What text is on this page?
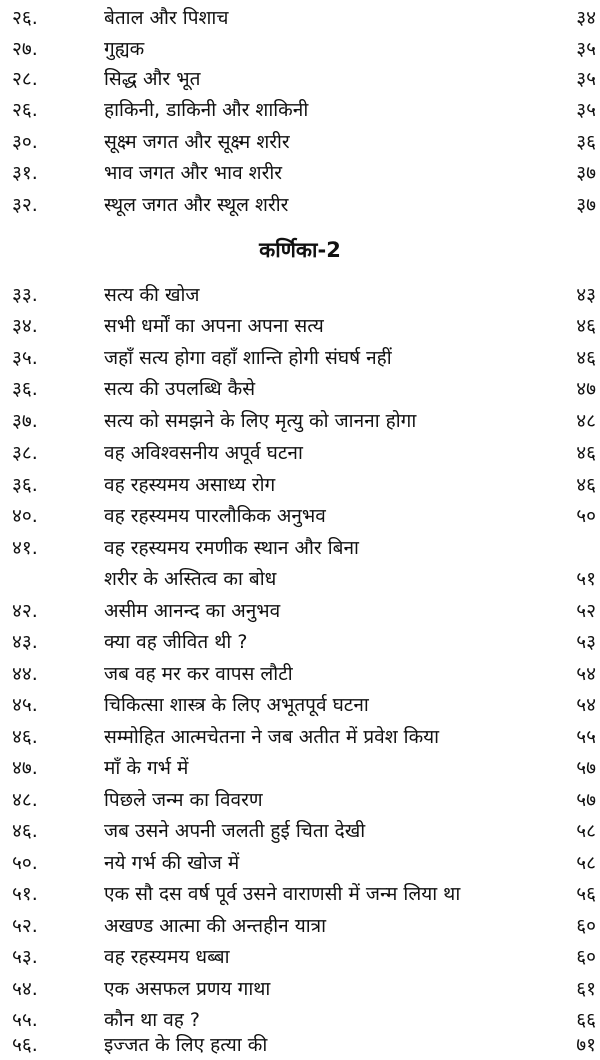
२६.	बेताल और पिशाच	३४
२७.	गुह्यक	३५
२८.	सिद्ध और भूत	३५
२६.	हाकिनी, डाकिनी और शाकिनी	३५
३०.	सूक्ष्म जगत और सूक्ष्म शरीर	३६
३१.	भाव जगत और भाव शरीर	३७
३२.	स्थूल जगत और स्थूल शरीर	३७
कर्णिका-2
३३.	सत्य की खोज	४३
३४.	सभी धर्मों का अपना अपना सत्य	४६
३५.	जहाँ सत्य होगा वहाँ शान्ति होगी संघर्ष नहीं	४६
३६.	सत्य की उपलब्धि कैसे	४७
३७.	सत्य को समझने के लिए मृत्यु को जानना होगा	४८
३८.	वह अविश्वसनीय अपूर्व घटना	४६
३६.	वह रहस्यमय असाध्य रोग	४६
४०.	वह रहस्यमय पारलौकिक अनुभव	५०
४१.	वह रहस्यमय रमणीक स्थान और बिना
शरीर के अस्तित्व का बोध	५१
४२.	असीम आनन्द का अनुभव	५२
४३.	क्या वह जीवित थी ?	५३
४४.	जब वह मर कर वापस लौटी	५४
४५.	चिकित्सा शास्त्र के लिए अभूतपूर्व घटना	५४
४६.	सम्मोहित आत्मचेतना ने जब अतीत में प्रवेश किया	५५
४७.	माँ के गर्भ में	५७
४८.	पिछले जन्म का विवरण	५७
४६.	जब उसने अपनी जलती हुई चिता देखी	५८
५०.	नये गर्भ की खोज में	५८
५१.	एक सौ दस वर्ष पूर्व उसने वाराणसी में जन्म लिया था	५६
५२.	अखण्ड आत्मा की अन्तहीन यात्रा	६०
५३.	वह रहस्यमय धब्बा	६०
५४.	एक असफल प्रणय गाथा	६१
५५.	कौन था वह ?	६६
५६.	इज्जत के लिए हत्या की	७१
